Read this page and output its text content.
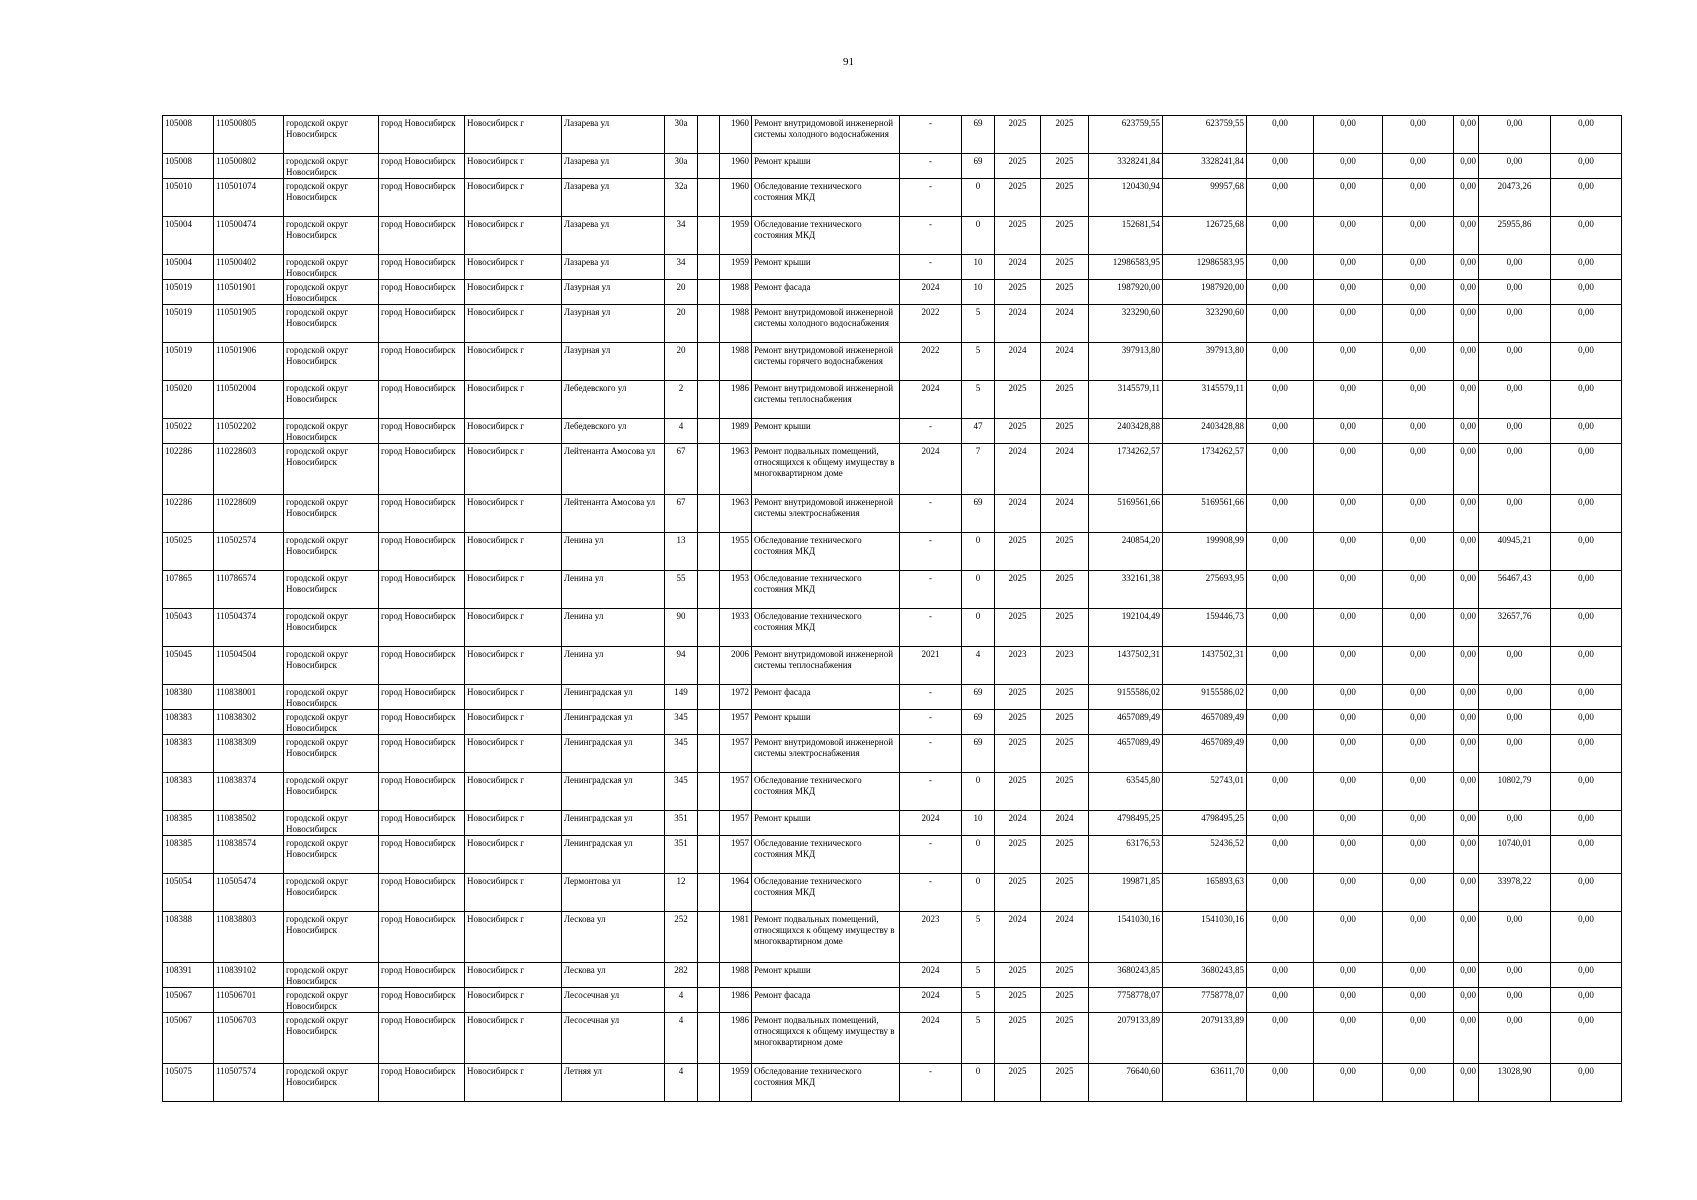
91
105008	110500805	городской округ Новосибирск	город Новосибирск	Новосибирск г	Лазарева ул	30а		1960	Ремонт внутридомовой инженерной системы холодного водоснабжения	-	69	2025	2025	623759,55	623759,55	0,00	0,00	0,00	0,00	0,00	0,00
105008	110500802	городской округ Новосибирск	город Новосибирск	Новосибирск г	Лазарева ул	30а		1960	Ремонт крыши	-	69	2025	2025	3328241,84	3328241,84	0,00	0,00	0,00	0,00	0,00	0,00
105010	110501074	городской округ Новосибирск	город Новосибирск	Новосибирск г	Лазарева ул	32а		1960	Обследование технического состояния МКД	-	0	2025	2025	120430,94	99957,68	0,00	0,00	0,00	0,00	20473,26	0,00
105004	110500474	городской округ Новосибирск	город Новосибирск	Новосибирск г	Лазарева ул	34		1959	Обследование технического состояния МКД	-	0	2025	2025	152681,54	126725,68	0,00	0,00	0,00	0,00	25955,86	0,00
105004	110500402	городской округ Новосибирск	город Новосибирск	Новосибирск г	Лазарева ул	34		1959	Ремонт крыши	-	10	2024	2025	12986583,95	12986583,95	0,00	0,00	0,00	0,00	0,00	0,00
105019	110501901	городской округ Новосибирск	город Новосибирск	Новосибирск г	Лазурная ул	20		1988	Ремонт фасада	2024	10	2025	2025	1987920,00	1987920,00	0,00	0,00	0,00	0,00	0,00	0,00
105019	110501905	городской округ Новосибирск	город Новосибирск	Новосибирск г	Лазурная ул	20		1988	Ремонт внутридомовой инженерной системы холодного водоснабжения	2022	5	2024	2024	323290,60	323290,60	0,00	0,00	0,00	0,00	0,00	0,00
105019	110501906	городской округ Новосибирск	город Новосибирск	Новосибирск г	Лазурная ул	20		1988	Ремонт внутридомовой инженерной системы горячего водоснабжения	2022	5	2024	2024	397913,80	397913,80	0,00	0,00	0,00	0,00	0,00	0,00
105020	110502004	городской округ Новосибирск	город Новосибирск	Новосибирск г	Лебедевского ул	2		1986	Ремонт внутридомовой инженерной системы теплоснабжения	2024	5	2025	2025	3145579,11	3145579,11	0,00	0,00	0,00	0,00	0,00	0,00
105022	110502202	городской округ Новосибирск	город Новосибирск	Новосибирск г	Лебедевского ул	4		1989	Ремонт крыши	-	47	2025	2025	2403428,88	2403428,88	0,00	0,00	0,00	0,00	0,00	0,00
102286	110228603	городской округ Новосибирск	город Новосибирск	Новосибирск г	Лейтенанта Амосова ул	67		1963	Ремонт подвальных помещений, относящихся к общему имуществу в многоквартирном доме	2024	7	2024	2024	1734262,57	1734262,57	0,00	0,00	0,00	0,00	0,00	0,00
102286	110228609	городской округ Новосибирск	город Новосибирск	Новосибирск г	Лейтенанта Амосова ул	67		1963	Ремонт внутридомовой инженерной системы электроснабжения	-	69	2024	2024	5169561,66	5169561,66	0,00	0,00	0,00	0,00	0,00	0,00
105025	110502574	городской округ Новосибирск	город Новосибирск	Новосибирск г	Ленина ул	13		1955	Обследование технического состояния МКД	-	0	2025	2025	240854,20	199908,99	0,00	0,00	0,00	0,00	40945,21	0,00
107865	110786574	городской округ Новосибирск	город Новосибирск	Новосибирск г	Ленина ул	55		1953	Обследование технического состояния МКД	-	0	2025	2025	332161,38	275693,95	0,00	0,00	0,00	0,00	56467,43	0,00
105043	110504374	городской округ Новосибирск	город Новосибирск	Новосибирск г	Ленина ул	90		1933	Обследование технического состояния МКД	-	0	2025	2025	192104,49	159446,73	0,00	0,00	0,00	0,00	32657,76	0,00
105045	110504504	городской округ Новосибирск	город Новосибирск	Новосибирск г	Ленина ул	94		2006	Ремонт внутридомовой инженерной системы теплоснабжения	2021	4	2023	2023	1437502,31	1437502,31	0,00	0,00	0,00	0,00	0,00	0,00
108380	110838001	городской округ Новосибирск	город Новосибирск	Новосибирск г	Ленинградская ул	149		1972	Ремонт фасада	-	69	2025	2025	9155586,02	9155586,02	0,00	0,00	0,00	0,00	0,00	0,00
108383	110838302	городской округ Новосибирск	город Новосибирск	Новосибирск г	Ленинградская ул	345		1957	Ремонт крыши	-	69	2025	2025	4657089,49	4657089,49	0,00	0,00	0,00	0,00	0,00	0,00
108383	110838309	городской округ Новосибирск	город Новосибирск	Новосибирск г	Ленинградская ул	345		1957	Ремонт внутридомовой инженерной системы электроснабжения	-	69	2025	2025	4657089,49	4657089,49	0,00	0,00	0,00	0,00	0,00	0,00
108383	110838374	городской округ Новосибирск	город Новосибирск	Новосибирск г	Ленинградская ул	345		1957	Обследование технического состояния МКД	-	0	2025	2025	63545,80	52743,01	0,00	0,00	0,00	0,00	10802,79	0,00
108385	110838502	городской округ Новосибирск	город Новосибирск	Новосибирск г	Ленинградская ул	351		1957	Ремонт крыши	2024	10	2024	2024	4798495,25	4798495,25	0,00	0,00	0,00	0,00	0,00	0,00
108385	110838574	городской округ Новосибирск	город Новосибирск	Новосибирск г	Ленинградская ул	351		1957	Обследование технического состояния МКД	-	0	2025	2025	63176,53	52436,52	0,00	0,00	0,00	0,00	10740,01	0,00
105054	110505474	городской округ Новосибирск	город Новосибирск	Новосибирск г	Лермонтова ул	12		1964	Обследование технического состояния МКД	-	0	2025	2025	199871,85	165893,63	0,00	0,00	0,00	0,00	33978,22	0,00
108388	110838803	городской округ Новосибирск	город Новосибирск	Новосибирск г	Лескова ул	252		1981	Ремонт подвальных помещений, относящихся к общему имуществу в многоквартирном доме	2023	5	2024	2024	1541030,16	1541030,16	0,00	0,00	0,00	0,00	0,00	0,00
108391	110839102	городской округ Новосибирск	город Новосибирск	Новосибирск г	Лескова ул	282		1988	Ремонт крыши	2024	5	2025	2025	3680243,85	3680243,85	0,00	0,00	0,00	0,00	0,00	0,00
105067	110506701	городской округ Новосибирск	город Новосибирск	Новосибирск г	Лесосечная ул	4		1986	Ремонт фасада	2024	5	2025	2025	7758778,07	7758778,07	0,00	0,00	0,00	0,00	0,00	0,00
105067	110506703	городской округ Новосибирск	город Новосибирск	Новосибирск г	Лесосечная ул	4		1986	Ремонт подвальных помещений, относящихся к общему имуществу в многоквартирном доме	2024	5	2025	2025	2079133,89	2079133,89	0,00	0,00	0,00	0,00	0,00	0,00
105075	110507574	городской округ Новосибирск	город Новосибирск	Новосибирск г	Летняя ул	4		1959	Обследование технического состояния МКД	-	0	2025	2025	76640,60	63611,70	0,00	0,00	0,00	0,00	13028,90	0,00
